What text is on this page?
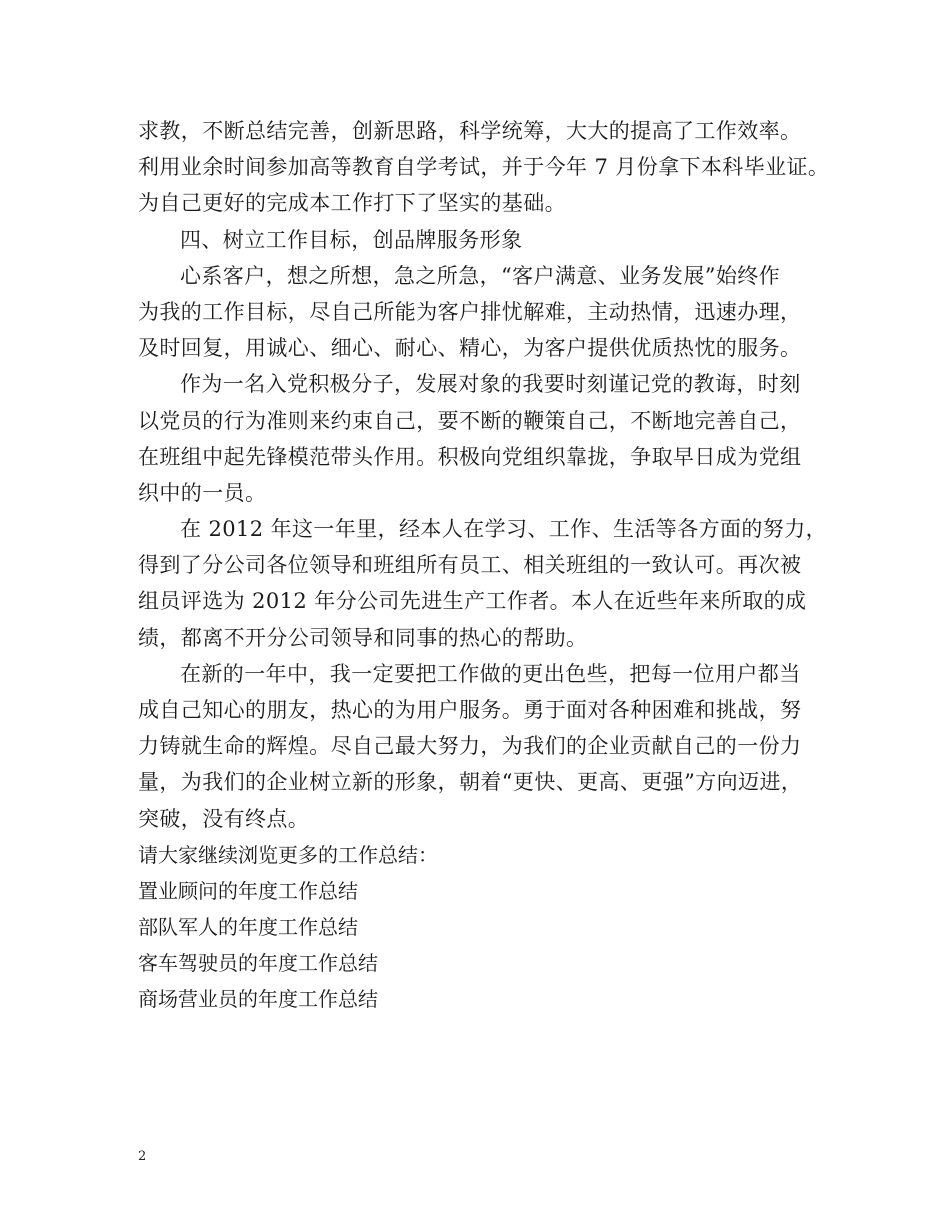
求教，不断总结完善，创新思路，科学统筹，大大的提高了工作效率。
利用业余时间参加高等教育自学考试，并于今年 7 月份拿下本科毕业证。
为自己更好的完成本工作打下了坚实的基础。
四、树立工作目标，创品牌服务形象
心系客户，想之所想，急之所急，“客户满意、业务发展”始终作
为我的工作目标，尽自己所能为客户排忧解难，主动热情，迅速办理，
及时回复，用诚心、细心、耐心、精心，为客户提供优质热忱的服务。
作为一名入党积极分子，发展对象的我要时刻谨记党的教诲，时刻
以党员的行为准则来约束自己，要不断的鞭策自己，不断地完善自己，
在班组中起先锋模范带头作用。积极向党组织靠拢，争取早日成为党组
织中的一员。
在 2012 年这一年里，经本人在学习、工作、生活等各方面的努力，
得到了分公司各位领导和班组所有员工、相关班组的一致认可。再次被
组员评选为 2012 年分公司先进生产工作者。本人在近些年来所取的成
绩，都离不开分公司领导和同事的热心的帮助。
在新的一年中，我一定要把工作做的更出色些，把每一位用户都当
成自己知心的朋友，热心的为用户服务。勇于面对各种困难和挑战，努
力铸就生命的辉煌。尽自己最大努力，为我们的企业贡献自己的一份力
量，为我们的企业树立新的形象，朝着“更快、更高、更强”方向迈进，
突破，没有终点。
请大家继续浏览更多的工作总结：
置业顾问的年度工作总结
部队军人的年度工作总结
客车驾驶员的年度工作总结
商场营业员的年度工作总结
2
